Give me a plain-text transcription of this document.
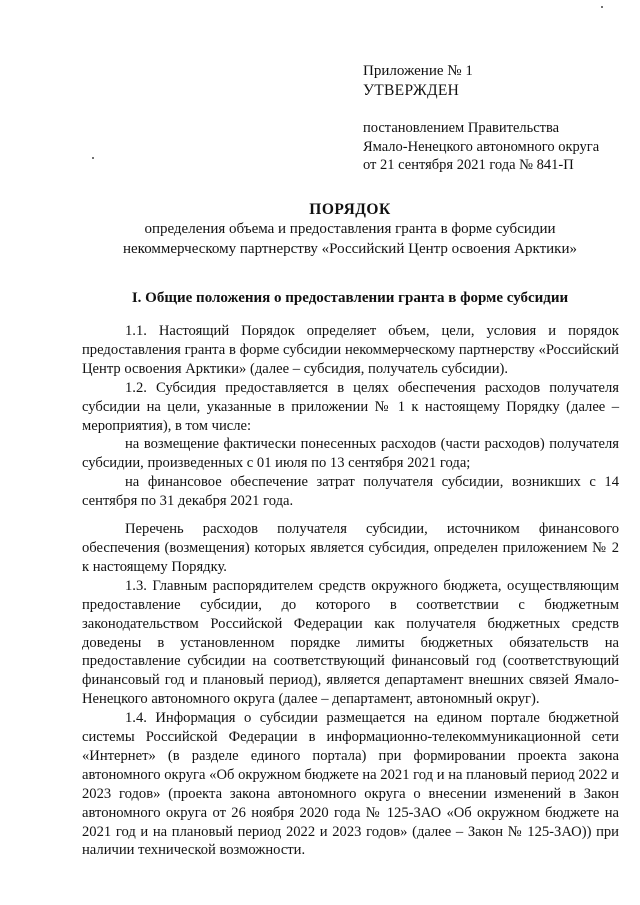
Приложение № 1
УТВЕРЖДЕН
постановлением Правительства
Ямало-Ненецкого автономного округа
от 21 сентября 2021 года № 841-П
ПОРЯДОК
определения объема и предоставления гранта в форме субсидии
некоммерческому партнерству «Российский Центр освоения Арктики»
I. Общие положения о предоставлении гранта в форме субсидии

1.1. Настоящий Порядок определяет объем, цели, условия и порядок предоставления гранта в форме субсидии некоммерческому партнерству «Российский Центр освоения Арктики» (далее – субсидия, получатель субсидии).

1.2. Субсидия предоставляется в целях обеспечения расходов получателя субсидии на цели, указанные в приложении № 1 к настоящему Порядку (далее – мероприятия), в том числе:

на возмещение фактически понесенных расходов (части расходов) получателя субсидии, произведенных с 01 июля по 13 сентября 2021 года;

на финансовое обеспечение затрат получателя субсидии, возникших с 14 сентября по 31 декабря 2021 года.

Перечень расходов получателя субсидии, источником финансового обеспечения (возмещения) которых является субсидия, определен приложением № 2 к настоящему Порядку.

1.3. Главным распорядителем средств окружного бюджета, осуществляющим предоставление субсидии, до которого в соответствии с бюджетным законодательством Российской Федерации как получателя бюджетных средств доведены в установленном порядке лимиты бюджетных обязательств на предоставление субсидии на соответствующий финансовый год (соответствующий финансовый год и плановый период), является департамент внешних связей Ямало-Ненецкого автономного округа (далее – департамент, автономный округ).

1.4. Информация о субсидии размещается на едином портале бюджетной системы Российской Федерации в информационно-телекоммуникационной сети «Интернет» (в разделе единого портала) при формировании проекта закона автономного округа «Об окружном бюджете на 2021 год и на плановый период 2022 и 2023 годов» (проекта закона автономного округа о внесении изменений в Закон автономного округа от 26 ноября 2020 года № 125-ЗАО «Об окружном бюджете на 2021 год и на плановый период 2022 и 2023 годов» (далее – Закон № 125-ЗАО)) при наличии технической возможности.
